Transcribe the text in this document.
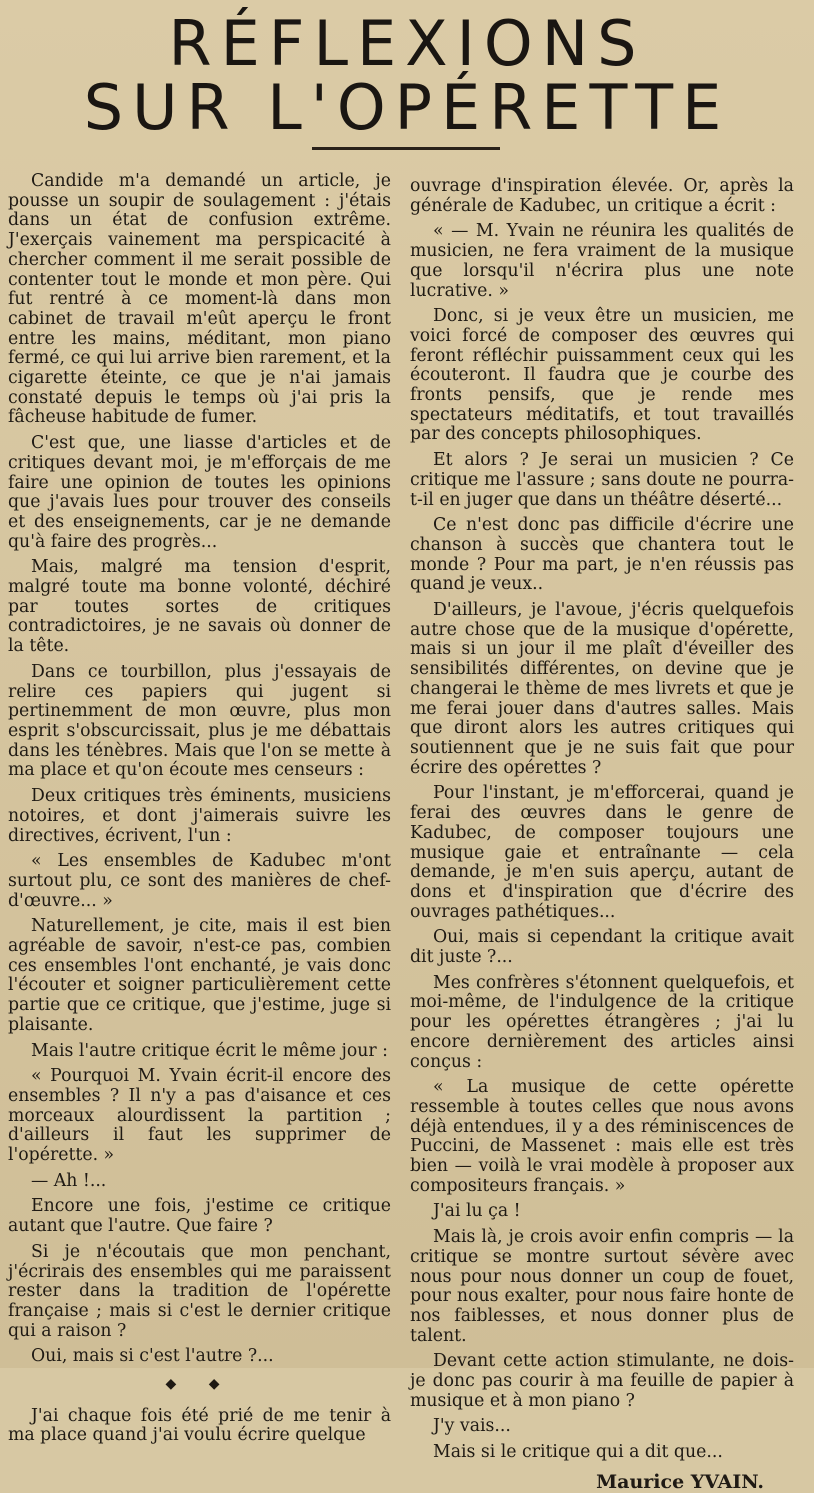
RÉFLEXIONS
SUR L'OPÉRETTE

Candide m'a demandé un article, je pousse un soupir de soulagement : j'étais dans un état de confusion extrême. J'exerçais vainement ma perspicacité à chercher comment il me serait possible de contenter tout le monde et mon père. Qui fut rentré à ce moment-là dans mon cabinet de travail m'eût aperçu le front entre les mains, méditant, mon piano fermé, ce qui lui arrive bien rarement, et la cigarette éteinte, ce que je n'ai jamais constaté depuis le temps où j'ai pris la fâcheuse habitude de fumer.

C'est que, une liasse d'articles et de critiques devant moi, je m'efforçais de me faire une opinion de toutes les opinions que j'avais lues pour trouver des conseils et des enseignements, car je ne demande qu'à faire des progrès...

Mais, malgré ma tension d'esprit, malgré toute ma bonne volonté, déchiré par toutes sortes de critiques contradictoires, je ne savais où donner de la tête.

Dans ce tourbillon, plus j'essayais de relire ces papiers qui jugent si pertinemment de mon œuvre, plus mon esprit s'obscurcissait, plus je me débattais dans les ténèbres. Mais que l'on se mette à ma place et qu'on écoute mes censeurs :

Deux critiques très éminents, musiciens notoires, et dont j'aimerais suivre les directives, écrivent, l'un :

« Les ensembles de Kadubec m'ont surtout plu, ce sont des manières de chef-d'œuvre... »

Naturellement, je cite, mais il est bien agréable de savoir, n'est-ce pas, combien ces ensembles l'ont enchanté, je vais donc l'écouter et soigner particulièrement cette partie que ce critique, que j'estime, juge si plaisante.

Mais l'autre critique écrit le même jour :

« Pourquoi M. Yvain écrit-il encore des ensembles ? Il n'y a pas d'aisance et ces morceaux alourdissent la partition ; d'ailleurs il faut les supprimer de l'opérette. »

— Ah !...

Encore une fois, j'estime ce critique autant que l'autre. Que faire ?

Si je n'écoutais que mon penchant, j'écrirais des ensembles qui me paraissent rester dans la tradition de l'opérette française ; mais si c'est le dernier critique qui a raison ?

Oui, mais si c'est l'autre ?...

◆ ◆

J'ai chaque fois été prié de me tenir à ma place quand j'ai voulu écrire quelque

ouvrage d'inspiration élevée. Or, après la générale de Kadubec, un critique a écrit :

« — M. Yvain ne réunira les qualités de musicien, ne fera vraiment de la musique que lorsqu'il n'écrira plus une note lucrative. »

Donc, si je veux être un musicien, me voici forcé de composer des œuvres qui feront réfléchir puissamment ceux qui les écouteront. Il faudra que je courbe des fronts pensifs, que je rende mes spectateurs méditatifs, et tout travaillés par des concepts philosophiques.

Et alors ? Je serai un musicien ? Ce critique me l'assure ; sans doute ne pourra-t-il en juger que dans un théâtre déserté...

Ce n'est donc pas difficile d'écrire une chanson à succès que chantera tout le monde ? Pour ma part, je n'en réussis pas quand je veux..

D'ailleurs, je l'avoue, j'écris quelquefois autre chose que de la musique d'opérette, mais si un jour il me plaît d'éveiller des sensibilités différentes, on devine que je changerai le thème de mes livrets et que je me ferai jouer dans d'autres salles. Mais que diront alors les autres critiques qui soutiennent que je ne suis fait que pour écrire des opérettes ?

Pour l'instant, je m'efforcerai, quand je ferai des œuvres dans le genre de Kadubec, de composer toujours une musique gaie et entraînante — cela demande, je m'en suis aperçu, autant de dons et d'inspiration que d'écrire des ouvrages pathétiques...

Oui, mais si cependant la critique avait dit juste ?...

Mes confrères s'étonnent quelquefois, et moi-même, de l'indulgence de la critique pour les opérettes étrangères ; j'ai lu encore dernièrement des articles ainsi conçus :

« La musique de cette opérette ressemble à toutes celles que nous avons déjà entendues, il y a des réminiscences de Puccini, de Massenet : mais elle est très bien — voilà le vrai modèle à proposer aux compositeurs français. »

J'ai lu ça !

Mais là, je crois avoir enfin compris — la critique se montre surtout sévère avec nous pour nous donner un coup de fouet, pour nous exalter, pour nous faire honte de nos faiblesses, et nous donner plus de talent.

Devant cette action stimulante, ne dois-je donc pas courir à ma feuille de papier à musique et à mon piano ?

J'y vais...

Mais si le critique qui a dit que...

Maurice YVAIN.
